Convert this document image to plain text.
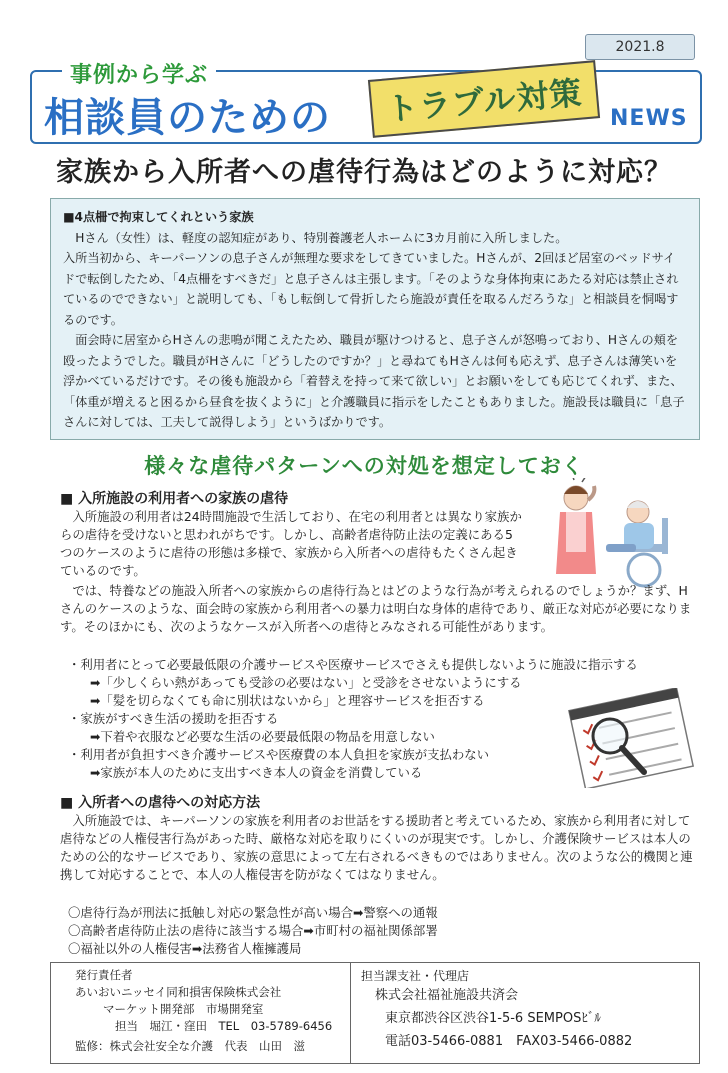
2021.8
事例から学ぶ
相談員のための トラブル対策 NEWS
家族から入所者への虐待行為はどのように対応？
■4点柵で拘束してくれという家族

Hさん（女性）は、軽度の認知症があり、特別養護老人ホームに3カ月前に入所しました。

入所当初から、キーパーソンの息子さんが無理な要求をしてきていました。Hさんが、2回ほど居室のベッドサイドで転倒したため、「4点柵をすべきだ」と息子さんは主張します。「そのような身体拘束にあたる対応は禁止されているのでできない」と説明しても、「もし転倒して骨折したら施設が責任を取るんだろうな」と相談員を恫喝するのです。

面会時に居室からHさんの悲鳴が聞こえたため、職員が駆けつけると、息子さんが怒鳴っており、Hさんの頬を殴ったようでした。職員がHさんに「どうしたのですか？」と尋ねてもHさんは何も応えず、息子さんは薄笑いを浮かべているだけです。その後も施設から「着替えを持って来て欲しい」とお願いをしても応じてくれず、また、「体重が増えると困るから昼食を抜くように」と介護職員に指示をしたこともありました。施設長は職員に「息子さんに対しては、工夫して説得しよう」というばかりです。

様々な虐待パターンへの対処を想定しておく
■ 入所施設の利用者への家族の虐待
入所施設の利用者は24時間施設で生活しており、在宅の利用者とは異なり家族からの虐待を受けないと思われがちです。しかし、高齢者虐待防止法の定義にある5つのケースのように虐待の形態は多様で、家族から入所者への虐待もたくさん起きているのです。
では、特養などの施設入所者への家族からの虐待行為とはどのような行為が考えられるのでしょうか？まず、Hさんのケースのような、面会時の家族から利用者への暴力は明白な身体的虐待であり、厳正な対応が必要になります。そのほかにも、次のようなケースが入所者への虐待とみなされる可能性があります。
・利用者にとって必要最低限の介護サービスや医療サービスでさえも提供しないように施設に指示する
➡「少しくらい熱があっても受診の必要はない」と受診をさせないようにする
➡「髪を切らなくても命に別状はないから」と理容サービスを拒否する
・家族がすべき生活の援助を拒否する
➡下着や衣服など必要な生活の必要最低限の物品を用意しない
・利用者が負担すべき介護サービスや医療費の本人負担を家族が支払わない
➡家族が本人のために支出すべき本人の資金を消費している
■ 入所者への虐待への対応方法
入所施設では、キーパーソンの家族を利用者のお世話をする援助者と考えているため、家族から利用者に対して虐待などの人権侵害行為があった時、厳格な対応を取りにくいのが現実です。しかし、介護保険サービスは本人のための公的なサービスであり、家族の意思によって左右されるべきものではありません。次のような公的機関と連携して対応することで、本人の人権侵害を防がなくてはなりません。
〇虐待行為が刑法に抵触し対応の緊急性が高い場合➡警察への通報
〇高齢者虐待防止法の虐待に該当する場合➡市町村の福祉関係部署
〇福祉以外の人権侵害➡法務省人権擁護局
発行責任者
あいおいニッセイ同和損害保険株式会社
マーケット開発部　市場開発室
担当　堀江・窪田　TEL　03-5789-6456
監修：株式会社安全な介護　代表　山田　滋
担当課支社・代理店
株式会社福祉施設共済会
東京都渋谷区渋谷1-5-6 SEMPOSﾋﾞﾙ
電話03-5466-0881　FAX03-5466-0882
